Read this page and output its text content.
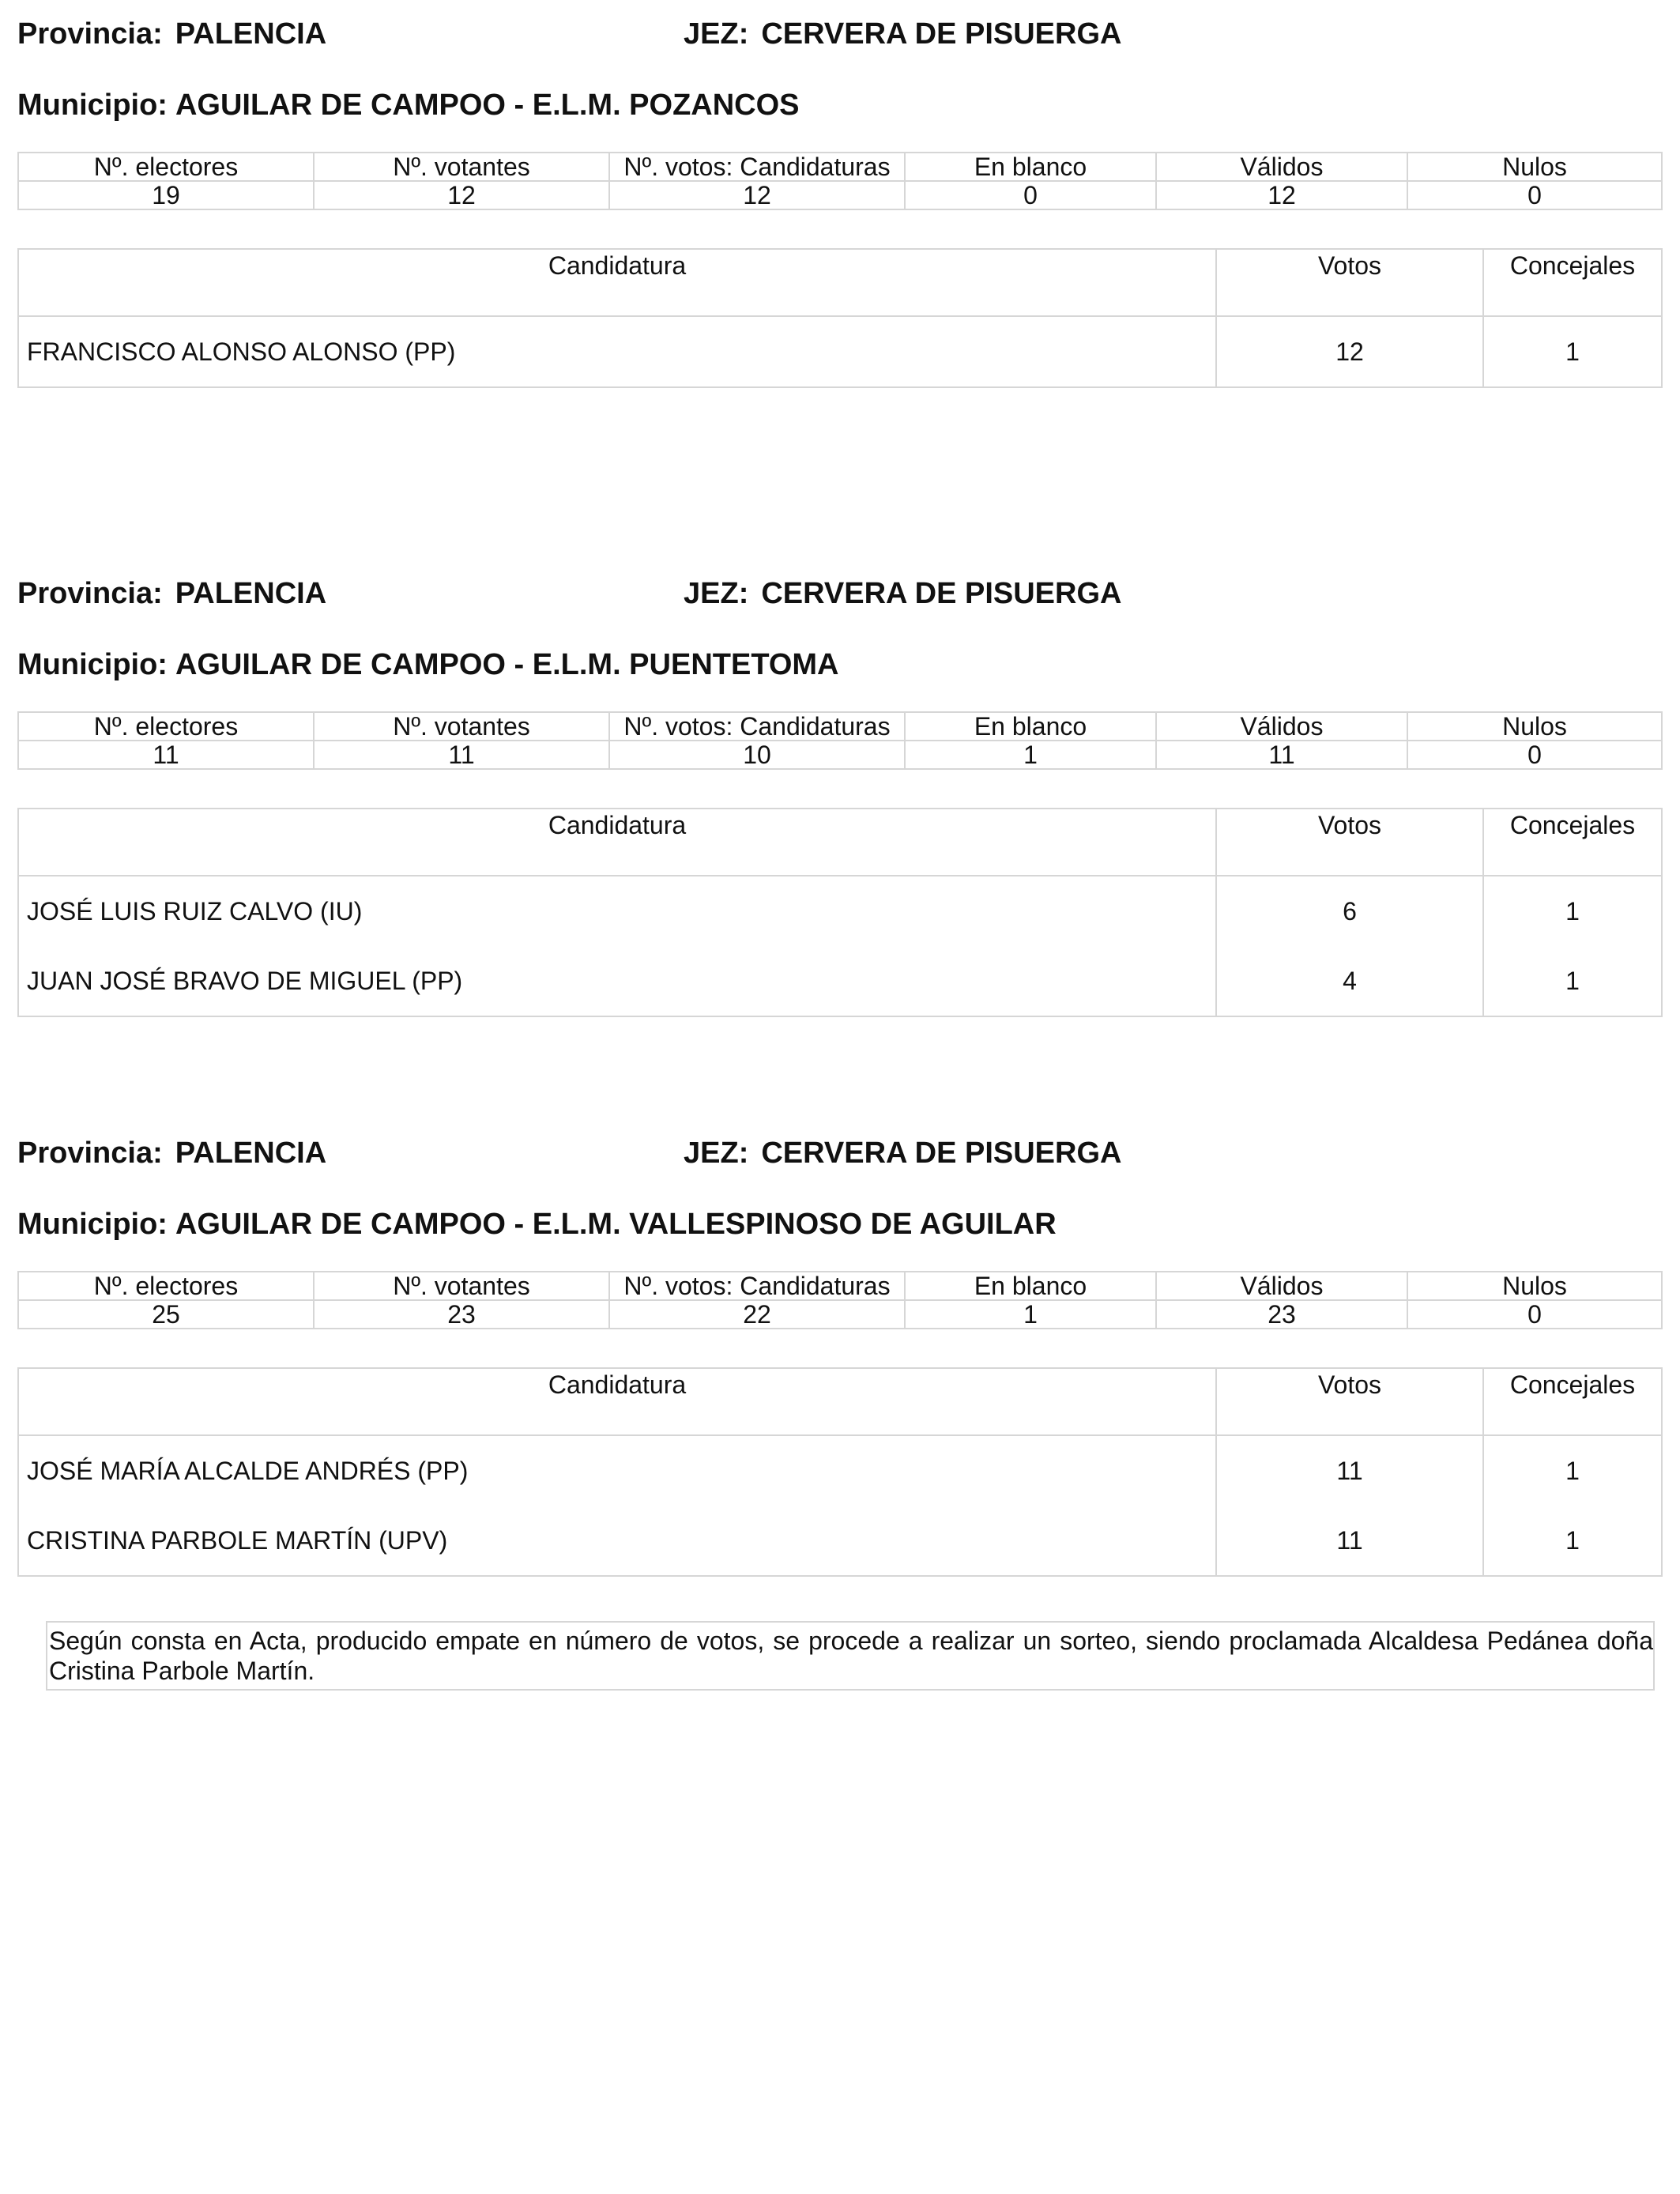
Provincia: PALENCIA	JEZ: CERVERA DE PISUERGA
Municipio: AGUILAR DE CAMPOO - E.L.M. POZANCOS
Nº. electores	Nº. votantes	Nº. votos: Candidaturas	En blanco	Válidos	Nulos
19	12	12	0	12	0
Candidatura	Votos	Concejales
FRANCISCO ALONSO ALONSO (PP)	12	1
Provincia: PALENCIA	JEZ: CERVERA DE PISUERGA
Municipio: AGUILAR DE CAMPOO - E.L.M. PUENTETOMA
Nº. electores	Nº. votantes	Nº. votos: Candidaturas	En blanco	Válidos	Nulos
11	11	10	1	11	0
Candidatura	Votos	Concejales
JOSÉ LUIS RUIZ CALVO (IU)	6	1
JUAN JOSÉ BRAVO DE MIGUEL (PP)	4	1
Provincia: PALENCIA	JEZ: CERVERA DE PISUERGA
Municipio: AGUILAR DE CAMPOO - E.L.M. VALLESPINOSO DE AGUILAR
Nº. electores	Nº. votantes	Nº. votos: Candidaturas	En blanco	Válidos	Nulos
25	23	22	1	23	0
Candidatura	Votos	Concejales
JOSÉ MARÍA ALCALDE ANDRÉS (PP)	11	1
CRISTINA PARBOLE MARTÍN (UPV)	11	1
Según consta en Acta, producido empate en número de votos, se procede a realizar un sorteo, siendo proclamada Alcaldesa Pedánea doña Cristina Parbole Martín.
